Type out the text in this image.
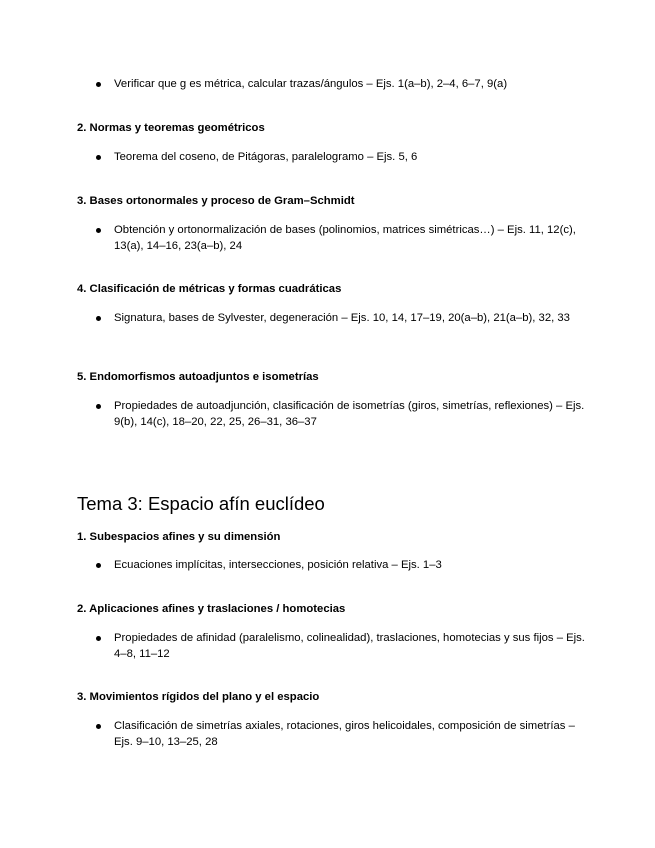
Verificar que g es métrica, calcular trazas/ángulos – Ejs. 1(a–b), 2–4, 6–7, 9(a)
2. Normas y teoremas geométricos
Teorema del coseno, de Pitágoras, paralelogramo – Ejs. 5, 6
3. Bases ortonormales y proceso de Gram–Schmidt
Obtención y ortonormalización de bases (polinomios, matrices simétricas…) – Ejs. 11, 12(c), 13(a), 14–16, 23(a–b), 24
4. Clasificación de métricas y formas cuadráticas
Signatura, bases de Sylvester, degeneración – Ejs. 10, 14, 17–19, 20(a–b), 21(a–b), 32, 33
5. Endomorfismos autoadjuntos e isometrías
Propiedades de autoadjunción, clasificación de isometrías (giros, simetrías, reflexiones) – Ejs. 9(b), 14(c), 18–20, 22, 25, 26–31, 36–37
Tema 3: Espacio afín euclídeo
1. Subespacios afines y su dimensión
Ecuaciones implícitas, intersecciones, posición relativa – Ejs. 1–3
2. Aplicaciones afines y traslaciones / homotecias
Propiedades de afinidad (paralelismo, colinealidad), traslaciones, homotecias y sus fijos – Ejs. 4–8, 11–12
3. Movimientos rígidos del plano y el espacio
Clasificación de simetrías axiales, rotaciones, giros helicoidales, composición de simetrías – Ejs. 9–10, 13–25, 28
